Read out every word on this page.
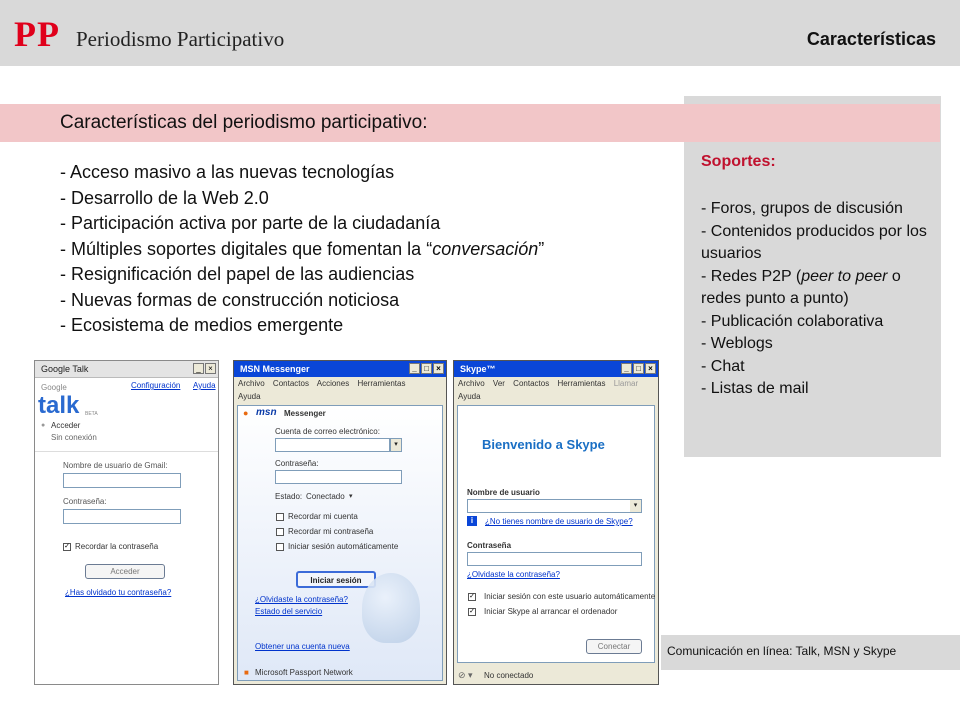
PP Periodismo Participativo	Características
Características del periodismo participativo:
- Acceso masivo a las nuevas tecnologías
- Desarrollo de la Web 2.0
- Participación activa por parte de la ciudadanía
- Múltiples soportes digitales que fomentan la “conversación”
- Resignificación del papel de las audiencias
- Nuevas formas de construcción noticiosa
- Ecosistema de medios emergente
Soportes:
- Foros, grupos de discusión
- Contenidos producidos por los usuarios
- Redes P2P (peer to peer o redes punto a punto)
- Publicación colaborativa
- Weblogs
- Chat
- Listas de mail
Google Talk	_ ×
Configuración Ayuda
Google
talk BETA
● Acceder
Sin conexión
Nombre de usuario de Gmail:
Contraseña:
✓ Recordar la contraseña
Acceder
¿Has olvidado tu contraseña?
MSN Messenger	_ □ ×
Archivo Contactos Acciones Herramientas
Ayuda
msn
●	Messenger
Cuenta de correo electrónico:
▾
Contraseña:
Estado: Conectado ▾
Recordar mi cuenta
Recordar mi contraseña
Iniciar sesión automáticamente
Iniciar sesión
¿Olvidaste la contraseña?
Estado del servicio
Obtener una cuenta nueva
■ Microsoft Passport Network
Skype™	_ □ ×
Archivo Ver Contactos Herramientas Llamar
Ayuda
Bienvenido a Skype
Nombre de usuario
▾
i	¿No tienes nombre de usuario de Skype?
Contraseña
¿Olvidaste la contraseña?
✓ Iniciar sesión con este usuario automáticamente
✓ Iniciar Skype al arrancar el ordenador
Conectar
⊘ ▾ No conectado
Comunicación en línea: Talk, MSN y Skype
